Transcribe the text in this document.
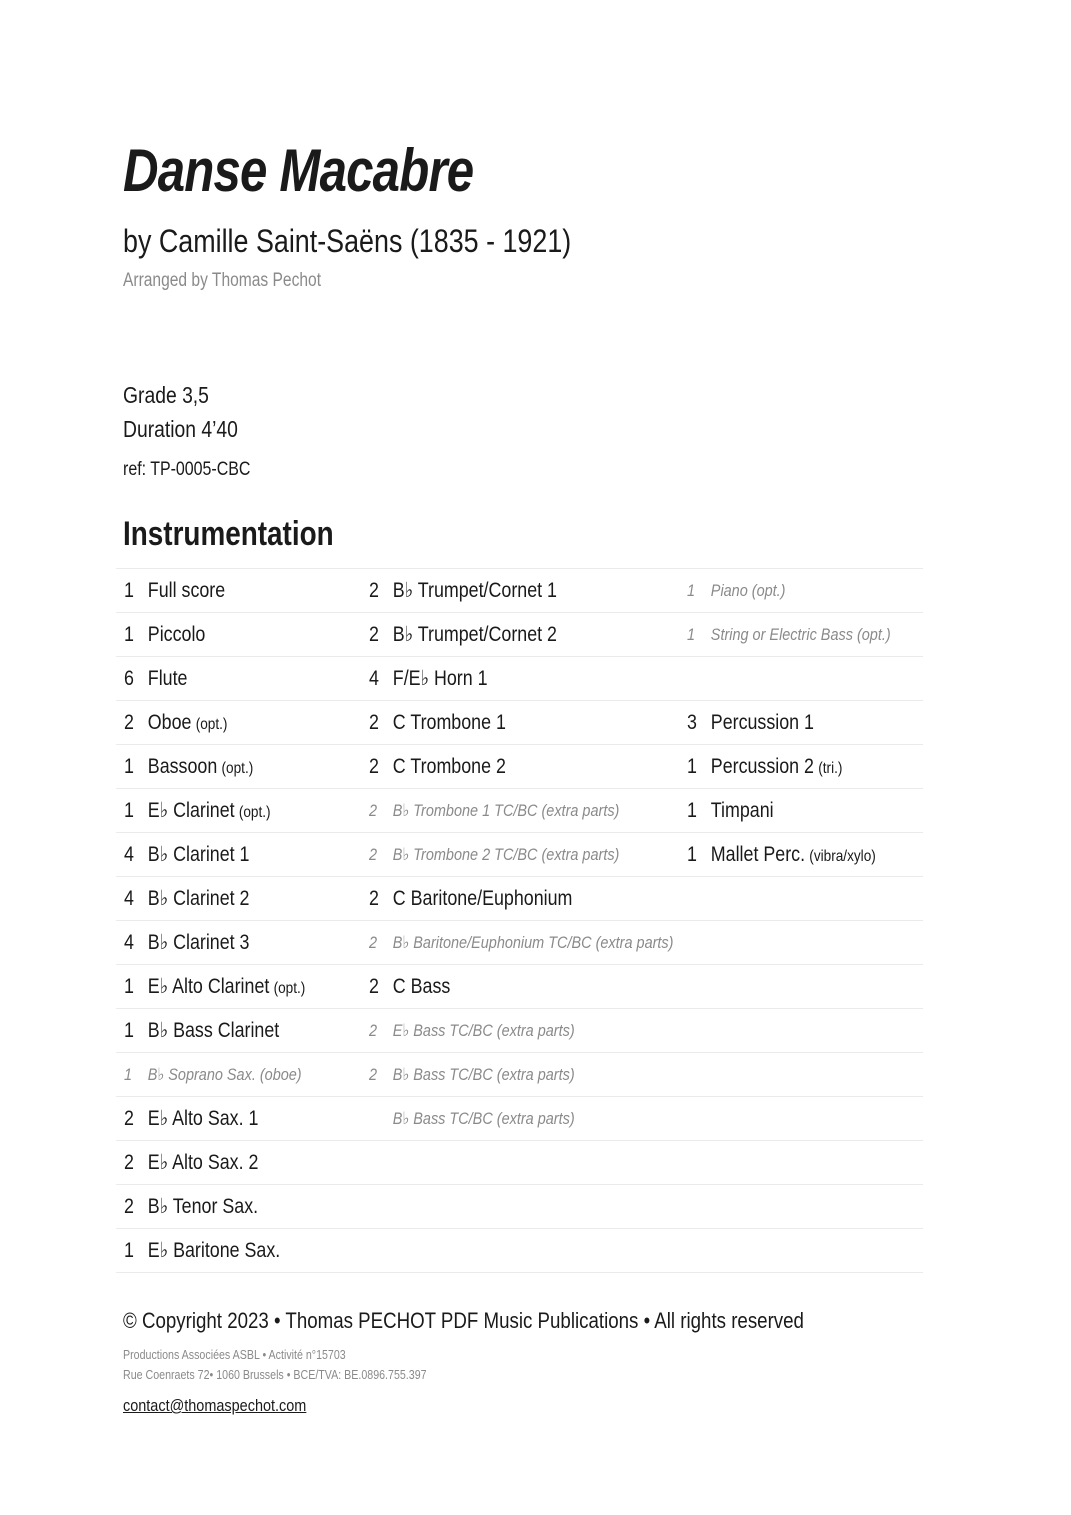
Danse Macabre
by Camille Saint-Saëns (1835 - 1921)
Arranged by Thomas Pechot
Grade 3,5
Duration 4’40
ref: TP-0005-CBC
Instrumentation
1 Full score	2 B♭ Trumpet/Cornet 1	1 Piano (opt.)
1 Piccolo	2 B♭ Trumpet/Cornet 2	1 String or Electric Bass (opt.)
6 Flute	4 F/E♭ Horn 1
2 Oboe (opt.)	2 C Trombone 1	3 Percussion 1
1 Bassoon (opt.)	2 C Trombone 2	1 Percussion 2 (tri.)
1 E♭ Clarinet (opt.)	2 B♭ Trombone 1 TC/BC (extra parts)	1 Timpani
4 B♭ Clarinet 1	2 B♭ Trombone 2 TC/BC (extra parts)	1 Mallet Perc. (vibra/xylo)
4 B♭ Clarinet 2	2 C Baritone/Euphonium
4 B♭ Clarinet 3	2 B♭ Baritone/Euphonium TC/BC (extra parts)
1 E♭ Alto Clarinet (opt.)	2 C Bass
1 B♭ Bass Clarinet	2 E♭ Bass TC/BC (extra parts)
1 B♭ Soprano Sax. (oboe)	2 B♭ Bass TC/BC (extra parts)
2 E♭ Alto Sax. 1	B♭ Bass TC/BC (extra parts)
2 E♭ Alto Sax. 2
2 B♭ Tenor Sax.
1 E♭ Baritone Sax.
© Copyright 2023 • Thomas PECHOT PDF Music Publications • All rights reserved
Productions Associées ASBL • Activité n°15703
Rue Coenraets 72• 1060 Brussels • BCE/TVA: BE.0896.755.397
contact@thomaspechot.com
